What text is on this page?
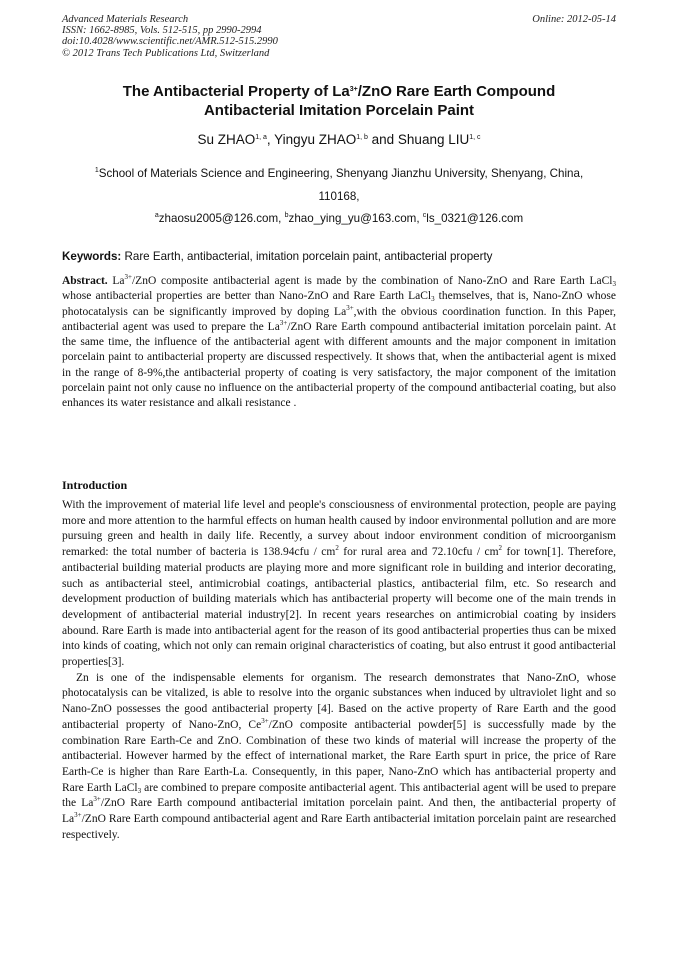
Advanced Materials Research
ISSN: 1662-8985, Vols. 512-515, pp 2990-2994
doi:10.4028/www.scientific.net/AMR.512-515.2990
© 2012 Trans Tech Publications Ltd, Switzerland
Online: 2012-05-14
The Antibacterial Property of $La^{3+}$/ZnO Rare Earth Compound
Antibacterial Imitation Porcelain Paint
Su ZHAO$^{1, a}$, Yingyu ZHAO$^{1, b}$ and Shuang LIU$^{1, c}$
$^1$School of Materials Science and Engineering, Shenyang Jianzhu University, Shenyang, China,
110168,
$^a$zhaosu2005@126.com, $^b$zhao_ying_yu@163.com, $^c$ls_0321@126.com
Keywords: Rare Earth, antibacterial, imitation porcelain paint, antibacterial property
Abstract. $La^{3+}$/ZnO composite antibacterial agent is made by the combination of Nano-ZnO and Rare Earth LaCl$_3$ whose antibacterial properties are better than Nano-ZnO and Rare Earth LaCl$_3$ themselves, that is, Nano-ZnO whose photocatalysis can be significantly improved by doping $La^{3+},with$ the obvious coordination function. In this Paper, antibacterial agent was used to prepare the $La^{3+}$/ZnO Rare Earth compound antibacterial imitation porcelain paint. At the same time, the influence of the antibacterial agent with different amounts and the major component in imitation porcelain paint to antibacterial property are discussed respectively. It shows that, when the antibacterial agent is mixed in the range of 8-9%,the antibacterial property of coating is very satisfactory, the major component of the imitation porcelain paint not only cause no influence on the antibacterial property of the compound antibacterial coating, but also enhances its water resistance and alkali resistance .
Introduction

With the improvement of material life level and people's consciousness of environmental protection, people are paying more and more attention to the harmful effects on human health caused by indoor environmental pollution and are more pursuing green and health in daily life. Recently, a survey about indoor environment condition of microorganism remarked: the total number of bacteria is $138.94cfu / cm^2$ for rural area and $72.10cfu / cm^2$ for town[1]. Therefore, antibacterial building material products are playing more and more significant role in building and interior decorating, such as antibacterial steel, antimicrobial coatings, antibacterial plastics, antibacterial film, etc. So research and development production of building materials which has antibacterial property will become one of the main trends in development of antibacterial material industry[2]. In recent years researches on antimicrobial coating by insiders abound. Rare Earth is made into antibacterial agent for the reason of its good antibacterial properties thus can be mixed into kinds of coating, which not only can remain original characteristics of coating, but also entrust it good antibacterial properties[3].

Zn is one of the indispensable elements for organism. The research demonstrates that Nano-ZnO, whose photocatalysis can be vitalized, is able to resolve into the organic substances when induced by ultraviolet light and so Nano-ZnO possesses the good antibacterial property [4]. Based on the active property of Rare Earth and the good antibacterial property of Nano-ZnO, $Ce^{3+}$/ZnO composite antibacterial powder[5] is successfully made by the combination Rare Earth-Ce and ZnO. Combination of these two kinds of material will increase the property of the antibacterial. However harmed by the effect of international market, the Rare Earth spurt in price, the price of Rare Earth-Ce is higher than Rare Earth-La. Consequently, in this paper, Nano-ZnO which has antibacterial property and Rare Earth LaCl$_3$ are combined to prepare composite antibacterial agent. This antibacterial agent will be used to prepare the $La^{3+}$/ZnO Rare Earth compound antibacterial imitation porcelain paint. And then, the antibacterial property of $La^{3+}$/ZnO Rare Earth compound antibacterial agent and Rare Earth antibacterial imitation porcelain paint are researched respectively.
